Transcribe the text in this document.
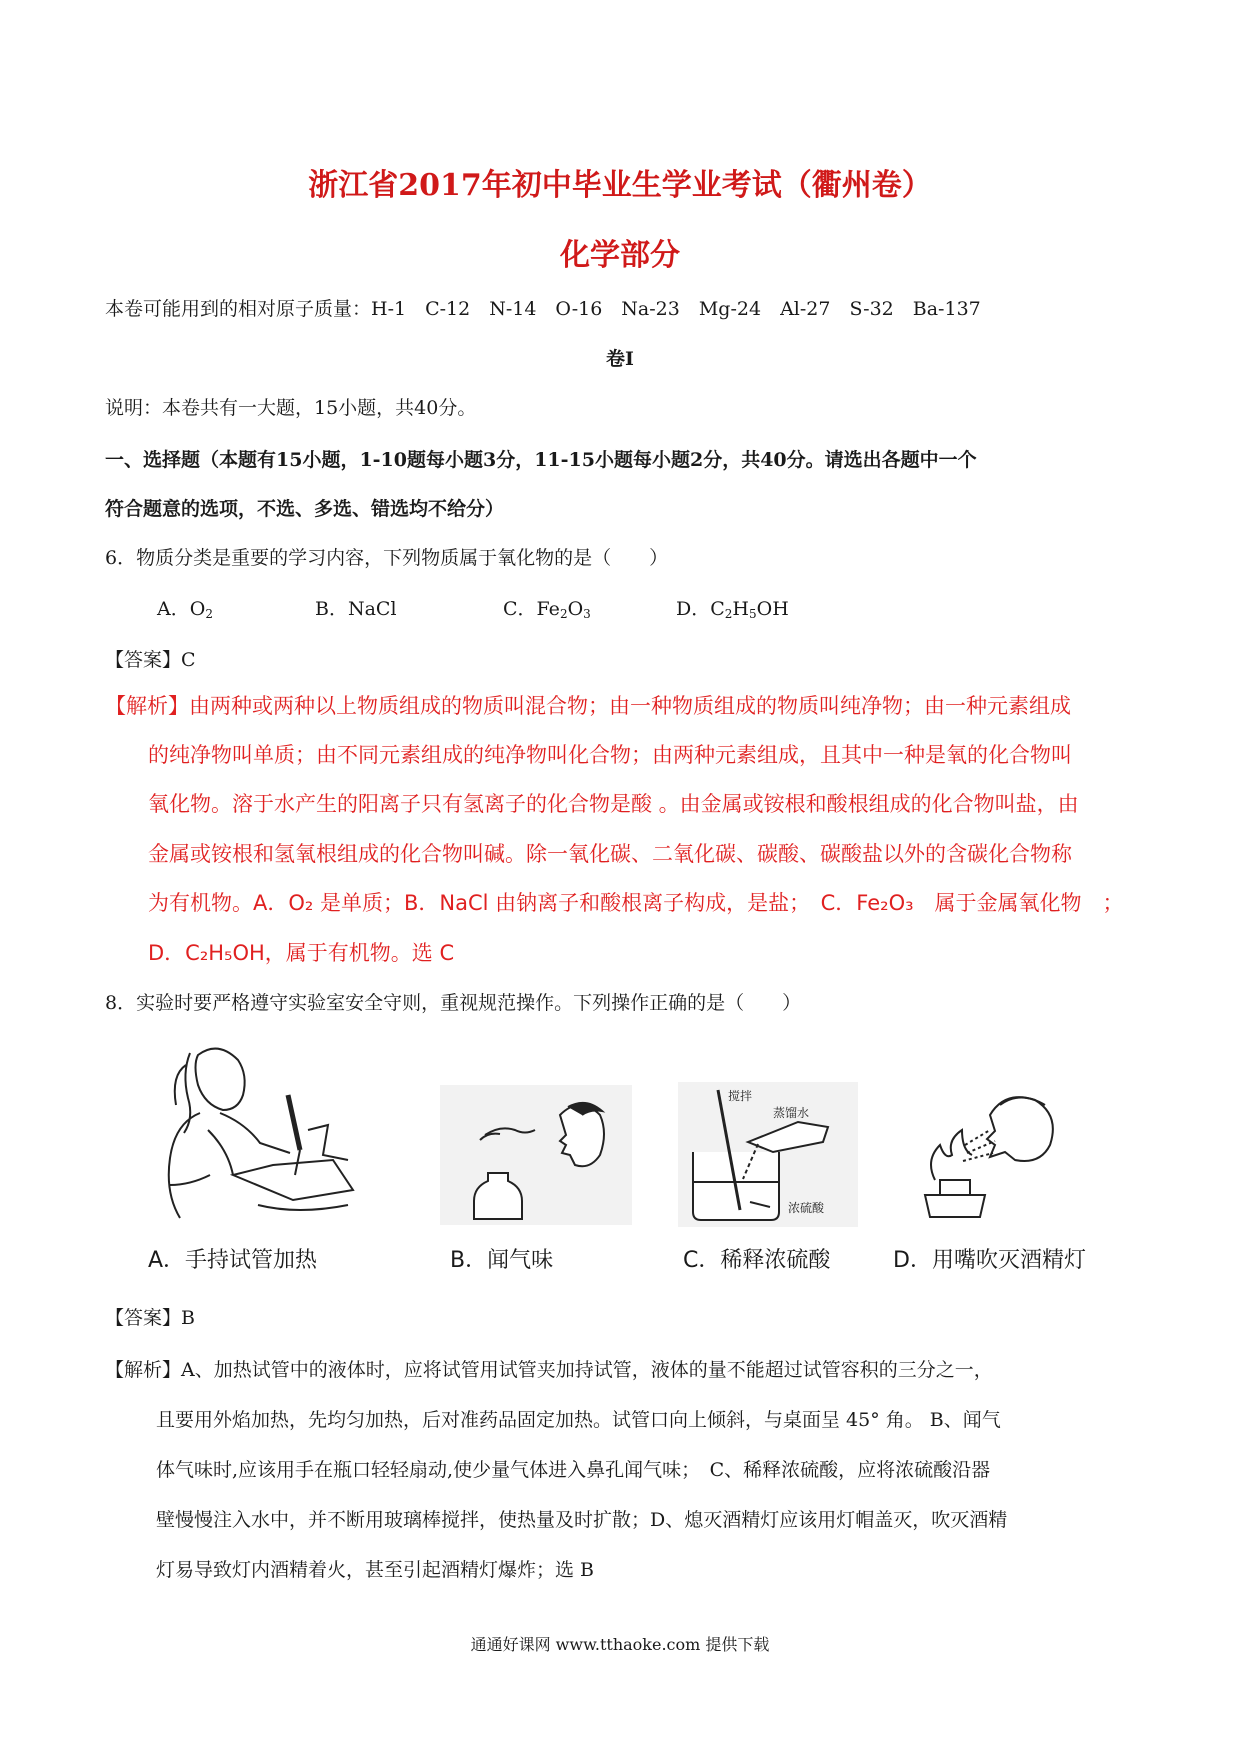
浙江省2017年初中毕业生学业考试（衢州卷）
化学部分
本卷可能用到的相对原子质量：H-1　C-12　N-14　O-16　Na-23　Mg-24　Al-27　S-32　Ba-137
卷Ⅰ
说明：本卷共有一大题，15小题，共40分。
一、选择题（本题有15小题，1-10题每小题3分，11-15小题每小题2分，共40分。请选出各题中一个
符合题意的选项，不选、多选、错选均不给分）
6．物质分类是重要的学习内容，下列物质属于氧化物的是（　　）
A．$O_2$	B．NaCl	C．$Fe_2O_3$	D．$C_2H_5OH$
【答案】C
【解析】由两种或两种以上物质组成的物质叫混合物；由一种物质组成的物质叫纯净物；由一种元素组成
的纯净物叫单质；由不同元素组成的纯净物叫化合物；由两种元素组成，且其中一种是氧的化合物叫
氧化物。溶于水产生的阳离子只有氢离子的化合物是酸 。由金属或铵根和酸根组成的化合物叫盐，由
金属或铵根和氢氧根组成的化合物叫碱。除一氧化碳、二氧化碳、碳酸、碳酸盐以外的含碳化合物称
为有机物。A．O₂ 是单质；B．NaCl 由钠离子和酸根离子构成，是盐；　C．Fe₂O₃　属于金属氧化物　；
D．C₂H₅OH，属于有机物。选 C
8．实验时要严格遵守实验室安全守则，重视规范操作。下列操作正确的是（　　）
搅拌
蒸馏水
浓硫酸
A．手持试管加热	B．闻气味	C．稀释浓硫酸	D．用嘴吹灭酒精灯
【答案】B
【解析】A、加热试管中的液体时，应将试管用试管夹加持试管，液体的量不能超过试管容积的三分之一，
且要用外焰加热，先均匀加热，后对准药品固定加热。试管口向上倾斜，与桌面呈 45° 角。 B、闻气
体气味时,应该用手在瓶口轻轻扇动,使少量气体进入鼻孔闻气味；　C、稀释浓硫酸，应将浓硫酸沿器
壁慢慢注入水中，并不断用玻璃棒搅拌，使热量及时扩散；D、熄灭酒精灯应该用灯帽盖灭，吹灭酒精
灯易导致灯内酒精着火，甚至引起酒精灯爆炸；选 B
通通好课网 www.tthaoke.com 提供下载
